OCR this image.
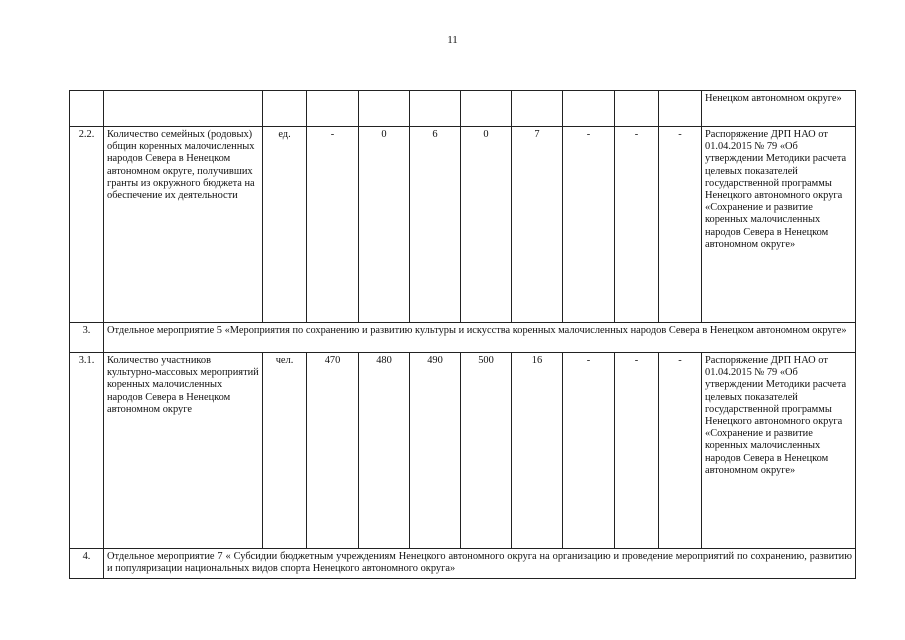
11
											Ненецком автономном округе»
2.2.	Количество семейных (родовых) общин коренных малочисленных народов Севера в Ненецком автономном округе, получивших гранты из окружного бюджета на обеспечение их деятельности	ед.	-	0	6	0	7	-	-	-	Распоряжение ДРП НАО от 01.04.2015 № 79 «Об утверждении Методики расчета целевых показателей государственной программы Ненецкого автономного округа «Сохранение и развитие коренных малочисленных народов Севера в Ненецком автономном округе»
3.	Отдельное мероприятие 5 «Мероприятия по сохранению и развитию культуры и искусства коренных малочисленных народов Севера в Ненецком автономном округе»										
3.1.	Количество участников культурно-массовых мероприятий коренных малочисленных народов Севера в Ненецком автономном округе	чел.	470	480	490	500	16	-	-	-	Распоряжение ДРП НАО от 01.04.2015 № 79 «Об утверждении Методики расчета целевых показателей государственной программы Ненецкого автономного округа «Сохранение и развитие коренных малочисленных народов Севера в Ненецком автономном округе»
4.	Отдельное мероприятие 7 « Субсидии бюджетным учреждениям Ненецкого автономного округа на организацию и проведение мероприятий по сохранению, развитию и популяризации национальных видов спорта Ненецкого автономного округа»										
